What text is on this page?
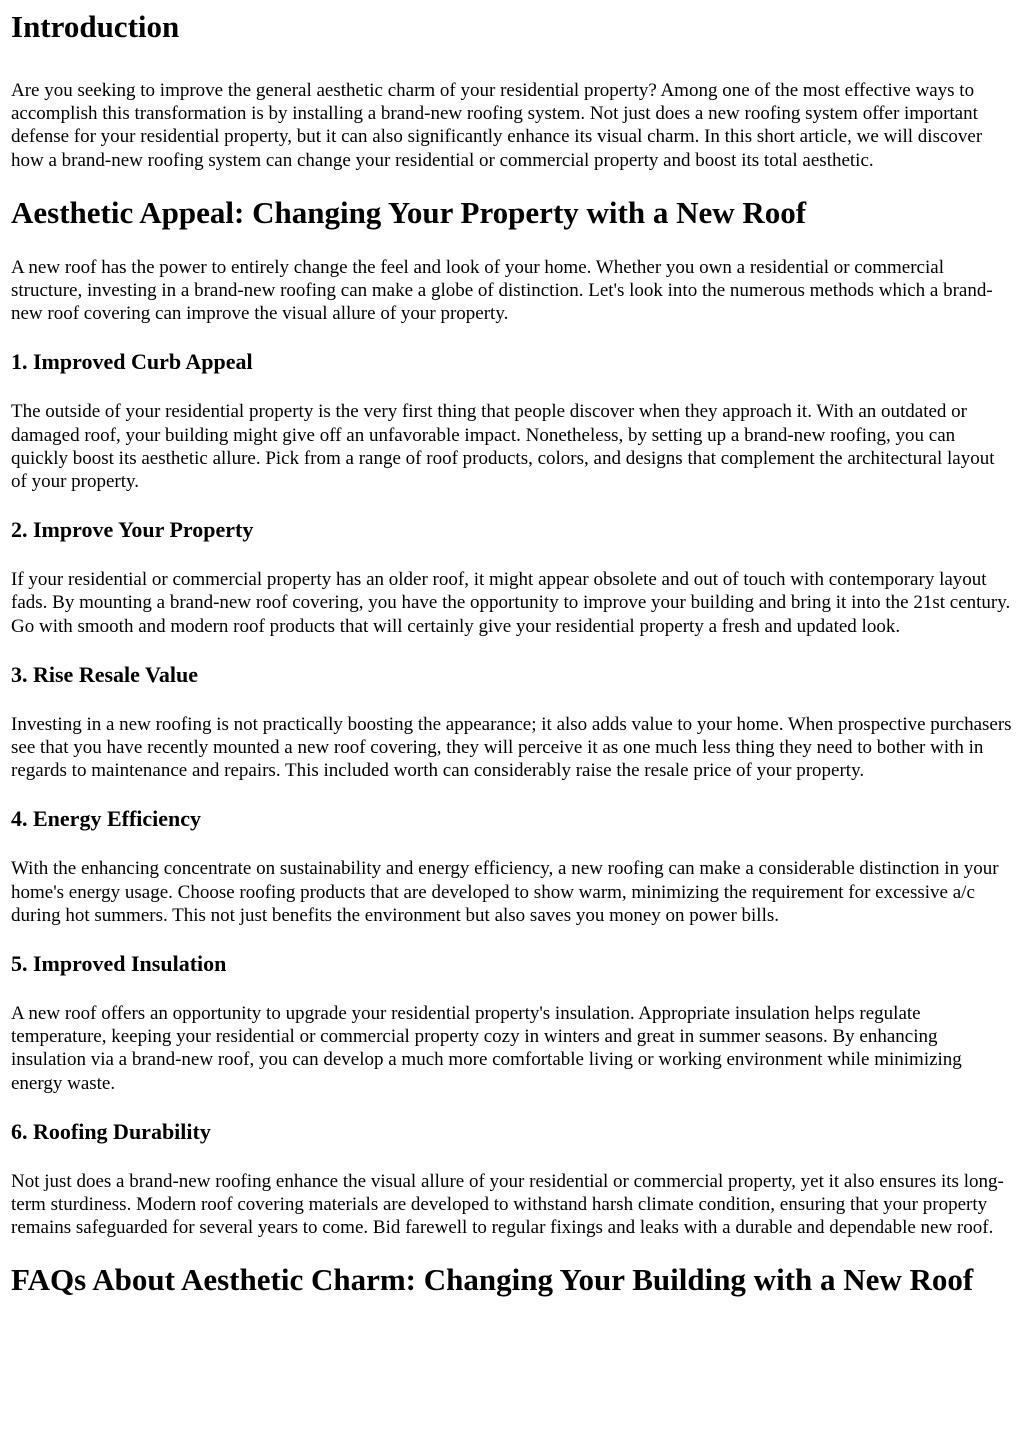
Introduction

Are you seeking to improve the general aesthetic charm of your residential property? Among one of the most effective ways to accomplish this transformation is by installing a brand-new roofing system. Not just does a new roofing system offer important defense for your residential property, but it can also significantly enhance its visual charm. In this short article, we will discover how a brand-new roofing system can change your residential or commercial property and boost its total aesthetic.

Aesthetic Appeal: Changing Your Property with a New Roof

A new roof has the power to entirely change the feel and look of your home. Whether you own a residential or commercial structure, investing in a brand-new roofing can make a globe of distinction. Let's look into the numerous methods which a brand-new roof covering can improve the visual allure of your property.

1. Improved Curb Appeal

The outside of your residential property is the very first thing that people discover when they approach it. With an outdated or damaged roof, your building might give off an unfavorable impact. Nonetheless, by setting up a brand-new roofing, you can quickly boost its aesthetic allure. Pick from a range of roof products, colors, and designs that complement the architectural layout of your property.

2. Improve Your Property

If your residential or commercial property has an older roof, it might appear obsolete and out of touch with contemporary layout fads. By mounting a brand-new roof covering, you have the opportunity to improve your building and bring it into the 21st century. Go with smooth and modern roof products that will certainly give your residential property a fresh and updated look.

3. Rise Resale Value

Investing in a new roofing is not practically boosting the appearance; it also adds value to your home. When prospective purchasers see that you have recently mounted a new roof covering, they will perceive it as one much less thing they need to bother with in regards to maintenance and repairs. This included worth can considerably raise the resale price of your property.

4. Energy Efficiency

With the enhancing concentrate on sustainability and energy efficiency, a new roofing can make a considerable distinction in your home's energy usage. Choose roofing products that are developed to show warm, minimizing the requirement for excessive a/c during hot summers. This not just benefits the environment but also saves you money on power bills.

5. Improved Insulation

A new roof offers an opportunity to upgrade your residential property's insulation. Appropriate insulation helps regulate temperature, keeping your residential or commercial property cozy in winters and great in summer seasons. By enhancing insulation via a brand-new roof, you can develop a much more comfortable living or working environment while minimizing energy waste.

6. Roofing Durability

Not just does a brand-new roofing enhance the visual allure of your residential or commercial property, yet it also ensures its long-term sturdiness. Modern roof covering materials are developed to withstand harsh climate condition, ensuring that your property remains safeguarded for several years to come. Bid farewell to regular fixings and leaks with a durable and dependable new roof.

FAQs About Aesthetic Charm: Changing Your Building with a New Roof
